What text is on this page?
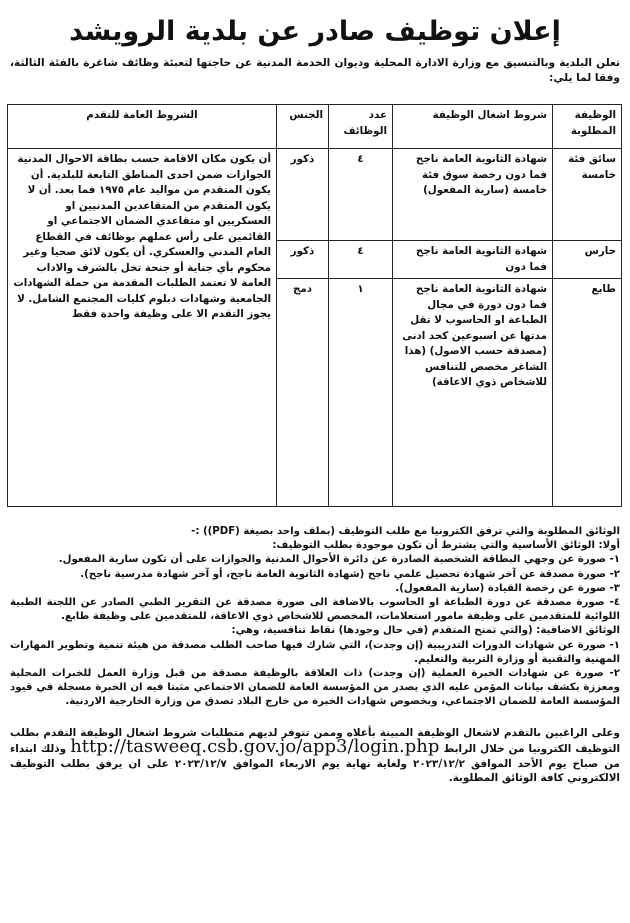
إعلان توظيف صادر عن بلدية الرويشد
تعلن البلدية وبالتنسيق مع وزارة الادارة المحلية وديوان الخدمة المدنية عن حاجتها لتعبئة وظائف شاغرة بالفئة الثالثة، وفقا لما يلي:
الوظيفة المطلوبة	شروط اشغال الوظيفة	عدد الوظائف	الجنس	الشروط العامة للتقدم
سائق فئة خامسة	شهادة الثانوية العامة ناجح فما دون رخصة سوق فئة خامسة (سارية المفعول)	٤	ذكور	أن يكون مكان الاقامة حسب بطاقة الاحوال المدنية الجوازات ضمن احدى المناطق التابعة للبلدية. أن يكون المتقدم من مواليد عام ١٩٧٥ فما بعد. أن لا يكون المتقدم من المتقاعدين المدنيين او العسكريين او متقاعدي الضمان الاجتماعي او القائمين على رأس عملهم بوظائف في القطاع العام المدني والعسكري. أن يكون لائق صحيا وغير محكوم بأي جناية أو جنحة تخل بالشرف والاداب العامة لا تعتمد الطلبات المقدمة من حملة الشهادات الجامعية وشهادات دبلوم كليات المجتمع الشامل. لا يجوز التقدم الا على وظيفة واحدة فقط
حارس	شهادة الثانوية العامة ناجح فما دون	٤	ذكور	
طابع	شهادة الثانوية العامة ناجح فما دون دورة في مجال الطباعة او الحاسوب لا تقل مدتها عن اسبوعين كحد ادنى (مصدقة حسب الاصول) (هذا الشاغر مخصص للتنافس للاشخاص ذوي الاعاقة)	١	دمج	

الوثائق المطلوبة والتي ترفق الكترونيا مع طلب التوظيف (بملف واحد بصيغة (PDF)) :-

أولا: الوثائق الأساسية والتي يشترط أن تكون موجودة بطلب التوظيف:

١- صورة عن وجهي البطاقة الشخصية الصادرة عن دائرة الأحوال المدنية والجوازات على أن تكون سارية المفعول.

٢- صورة مصدقة عن آخر شهادة تحصيل علمي ناجح (شهادة الثانوية العامة ناجح، أو آخر شهادة مدرسية ناجح).

٣- صورة عن رخصة القيادة (سارية المفعول).

٤- صورة مصدقة عن دورة الطباعة او الحاسوب بالاضافة الى صورة مصدقة عن التقرير الطبي الصادر عن اللجنة الطبية اللوائية للمتقدمين على وظيفة مامور استعلامات، المخصص للاشخاص ذوي الاعاقة، للمتقدمين على وظيفة طابع.

الوثائق الاضافية: (والتي تمنح المتقدم (في حال وجودها) نقاط تنافسية، وهي:

١- صورة عن شهادات الدورات التدريبية (إن وجدت)، التي شارك فيها صاحب الطلب مصدقة من هيئة تنمية وتطوير المهارات المهنية والتقنية أو وزارة التربية والتعليم.

٢- صورة عن شهادات الخبرة العملية (إن وجدت) ذات العلاقة بالوظيفة مصدقة من قبل وزارة العمل للخبرات المحلية ومعززة بكشف بيانات المؤمن عليه الذي يصدر من المؤسسة العامة للضمان الاجتماعي مثبتا فيه ان الخبرة مسجلة في قيود المؤسسة العامة للضمان الاجتماعي، وبخصوص شهادات الخبرة من خارج البلاد تصدق من وزارة الخارجية الاردنية.

وعلى الراغبين بالتقدم لاشغال الوظيفة المبينة بأعلاه وممن تتوفر لديهم متطلبات شروط اشغال الوظيفة التقدم بطلب التوظيف الكترونيا من خلال الرابط http://tasweeq.csb.gov.jo/app3/login.php وذلك ابتداء من صباح يوم الأحد الموافق ٢٠٢٣/١٢/٢ ولغاية نهاية يوم الاربعاء الموافق ٢٠٢٣/١٢/٧ على ان يرفق بطلب التوظيف الالكتروني كافة الوثائق المطلوبة.
